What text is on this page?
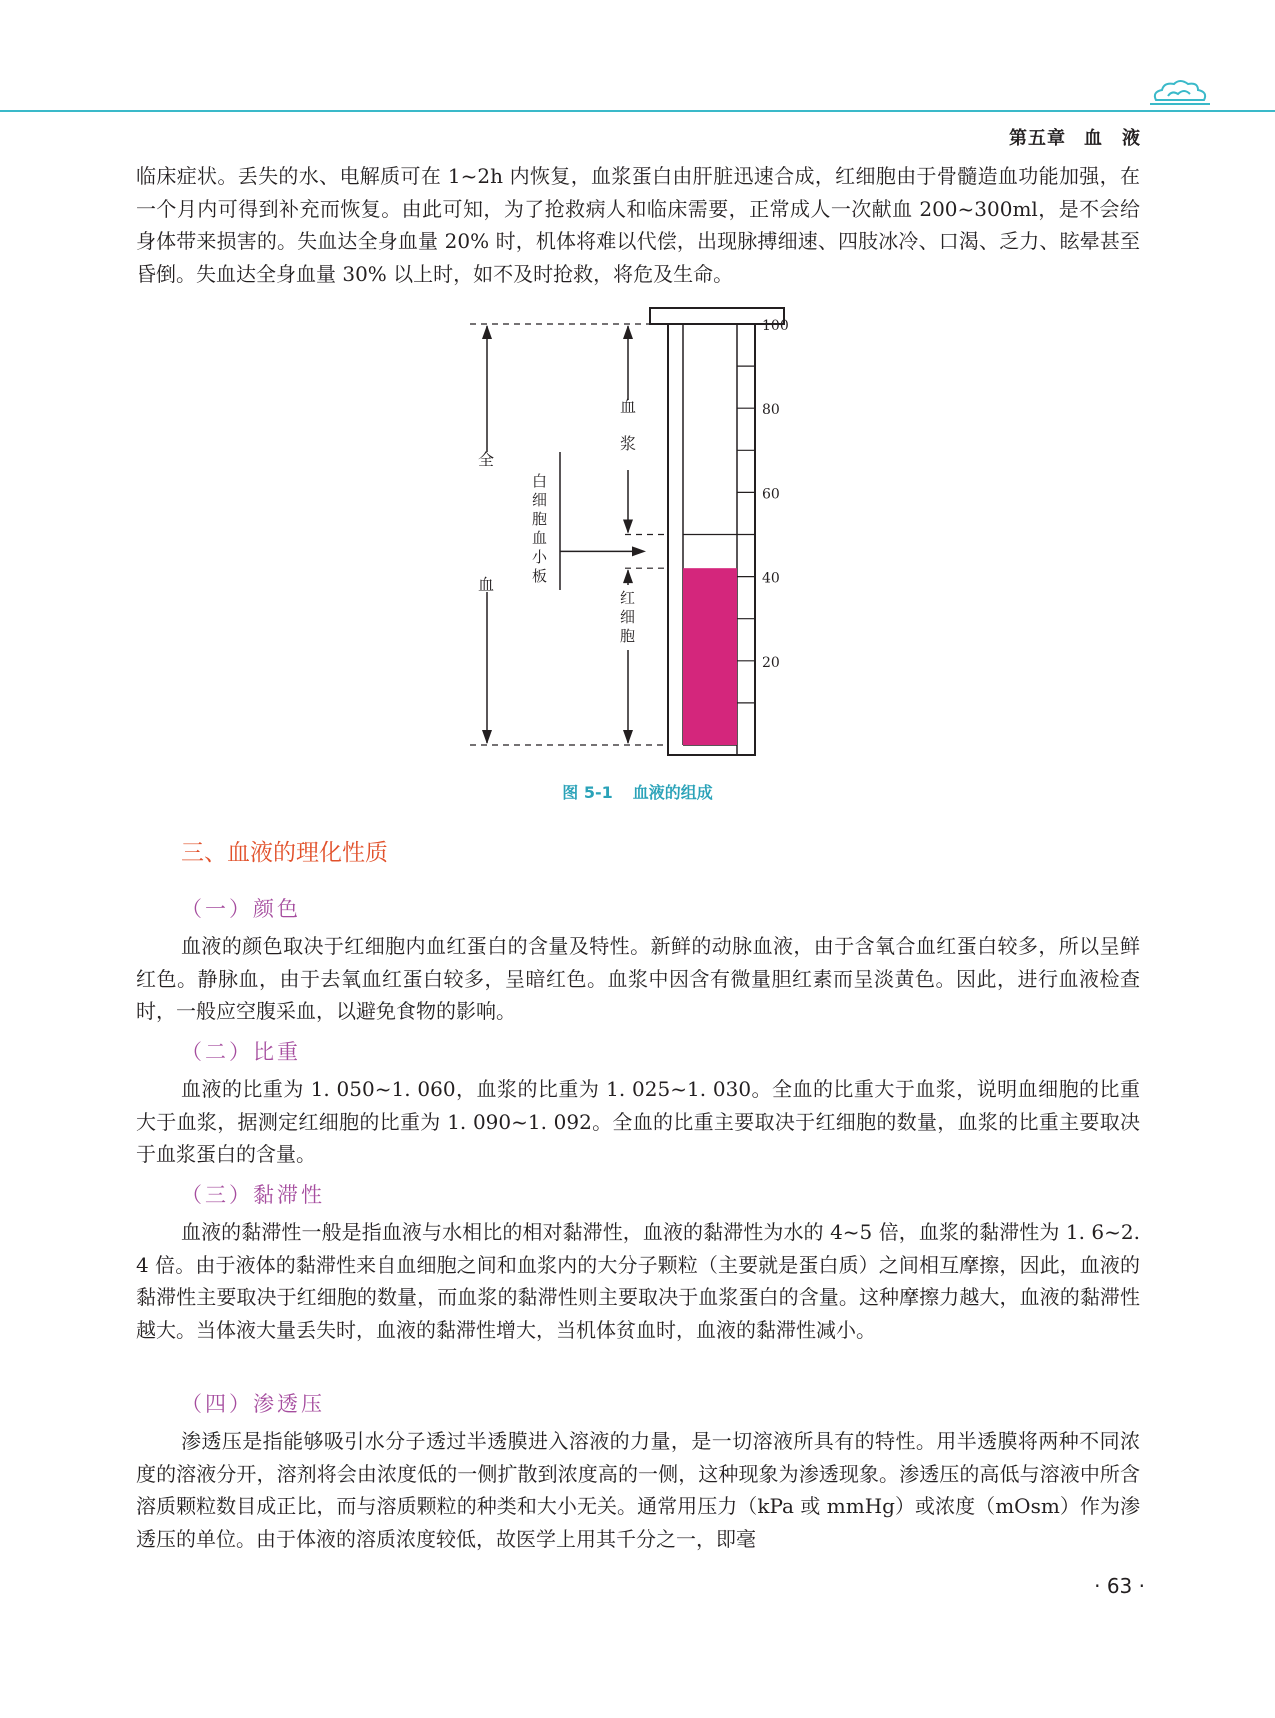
第五章 血　液

临床症状。丢失的水、电解质可在 1~2h 内恢复，血浆蛋白由肝脏迅速合成，红细胞由于骨髓造血功能加强，在一个月内可得到补充而恢复。由此可知，为了抢救病人和临床需要，正常成人一次献血 200~300ml，是不会给身体带来损害的。失血达全身血量 20% 时，机体将难以代偿，出现脉搏细速、四肢冰冷、口渴、乏力、眩晕甚至昏倒。失血达全身血量 30% 以上时，如不及时抢救，将危及生命。

100
80
60
40
20
全
血
血
浆
白
细
胞
血
小
板
红
细
胞
图 5-1 血液的组成
三、血液的理化性质
（一）颜色

血液的颜色取决于红细胞内血红蛋白的含量及特性。新鲜的动脉血液，由于含氧合血红蛋白较多，所以呈鲜红色。静脉血，由于去氧血红蛋白较多，呈暗红色。血浆中因含有微量胆红素而呈淡黄色。因此，进行血液检查时，一般应空腹采血，以避免食物的影响。

（二）比重

血液的比重为 1. 050~1. 060，血浆的比重为 1. 025~1. 030。全血的比重大于血浆，说明血细胞的比重大于血浆，据测定红细胞的比重为 1. 090~1. 092。全血的比重主要取决于红细胞的数量，血浆的比重主要取决于血浆蛋白的含量。

（三）黏滞性

血液的黏滞性一般是指血液与水相比的相对黏滞性，血液的黏滞性为水的 4~5 倍，血浆的黏滞性为 1. 6~2. 4 倍。由于液体的黏滞性来自血细胞之间和血浆内的大分子颗粒（主要就是蛋白质）之间相互摩擦，因此，血液的黏滞性主要取决于红细胞的数量，而血浆的黏滞性则主要取决于血浆蛋白的含量。这种摩擦力越大，血液的黏滞性越大。当体液大量丢失时，血液的黏滞性增大，当机体贫血时，血液的黏滞性减小。

（四）渗透压

渗透压是指能够吸引水分子透过半透膜进入溶液的力量，是一切溶液所具有的特性。用半透膜将两种不同浓度的溶液分开，溶剂将会由浓度低的一侧扩散到浓度高的一侧，这种现象为渗透现象。渗透压的高低与溶液中所含溶质颗粒数目成正比，而与溶质颗粒的种类和大小无关。通常用压力（kPa 或 mmHg）或浓度（mOsm）作为渗透压的单位。由于体液的溶质浓度较低，故医学上用其千分之一，即毫

· 63 ·
